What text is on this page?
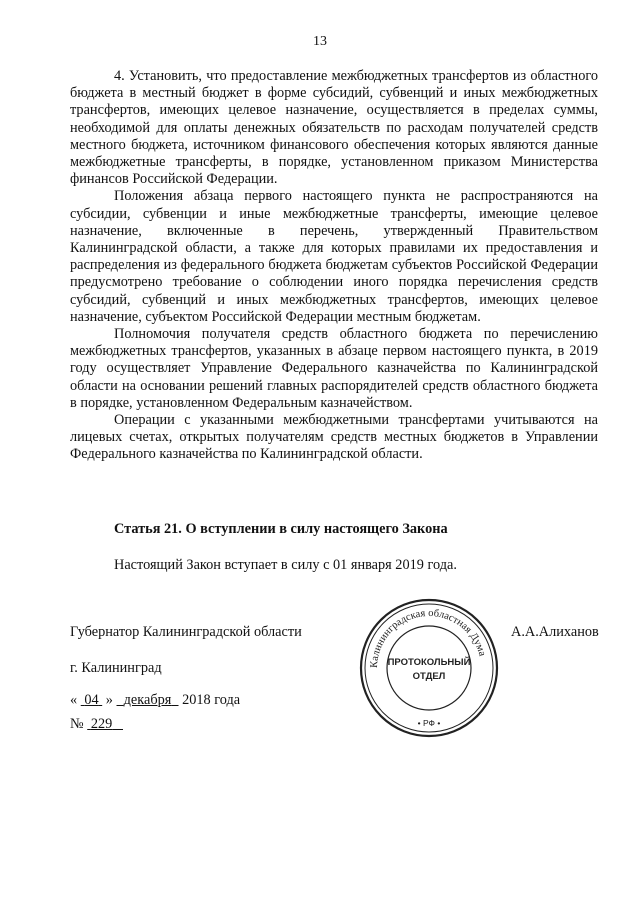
13

4. Установить, что предоставление межбюджетных трансфертов из областного бюджета в местный бюджет в форме субсидий, субвенций и иных межбюджетных трансфертов, имеющих целевое назначение, осуществляется в пределах суммы, необходимой для оплаты денежных обязательств по расходам получателей средств местного бюджета, источником финансового обеспечения которых являются данные межбюджетные трансферты, в порядке, установленном приказом Министерства финансов Российской Федерации.

Положения абзаца первого настоящего пункта не распространяются на субсидии, субвенции и иные межбюджетные трансферты, имеющие целевое назначение, включенные в перечень, утвержденный Правительством Калининградской области, а также для которых правилами их предоставления и распределения из федерального бюджета бюджетам субъектов Российской Федерации предусмотрено требование о соблюдении иного порядка перечисления средств субсидий, субвенций и иных межбюджетных трансфертов, имеющих целевое назначение, субъектом Российской Федерации местным бюджетам.

Полномочия получателя средств областного бюджета по перечислению межбюджетных трансфертов, указанных в абзаце первом настоящего пункта, в 2019 году осуществляет Управление Федерального казначейства по Калининградской области на основании решений главных распорядителей средств областного бюджета в порядке, установленном Федеральным казначейством.

Операции с указанными межбюджетными трансфертами учитываются на лицевых счетах, открытых получателям средств местных бюджетов в Управлении Федерального казначейства по Калининградской области.

Статья 21. О вступлении в силу настоящего Закона
Настоящий Закон вступает в силу с 01 января 2019 года.
Губернатор Калининградской области	А.А.Алиханов
г. Калининград
« 04 » декабря 2018 года
№ 229
Калининградская областная Дума
ПРОТОКОЛЬНЫЙ
ОТДЕЛ
• РФ •
